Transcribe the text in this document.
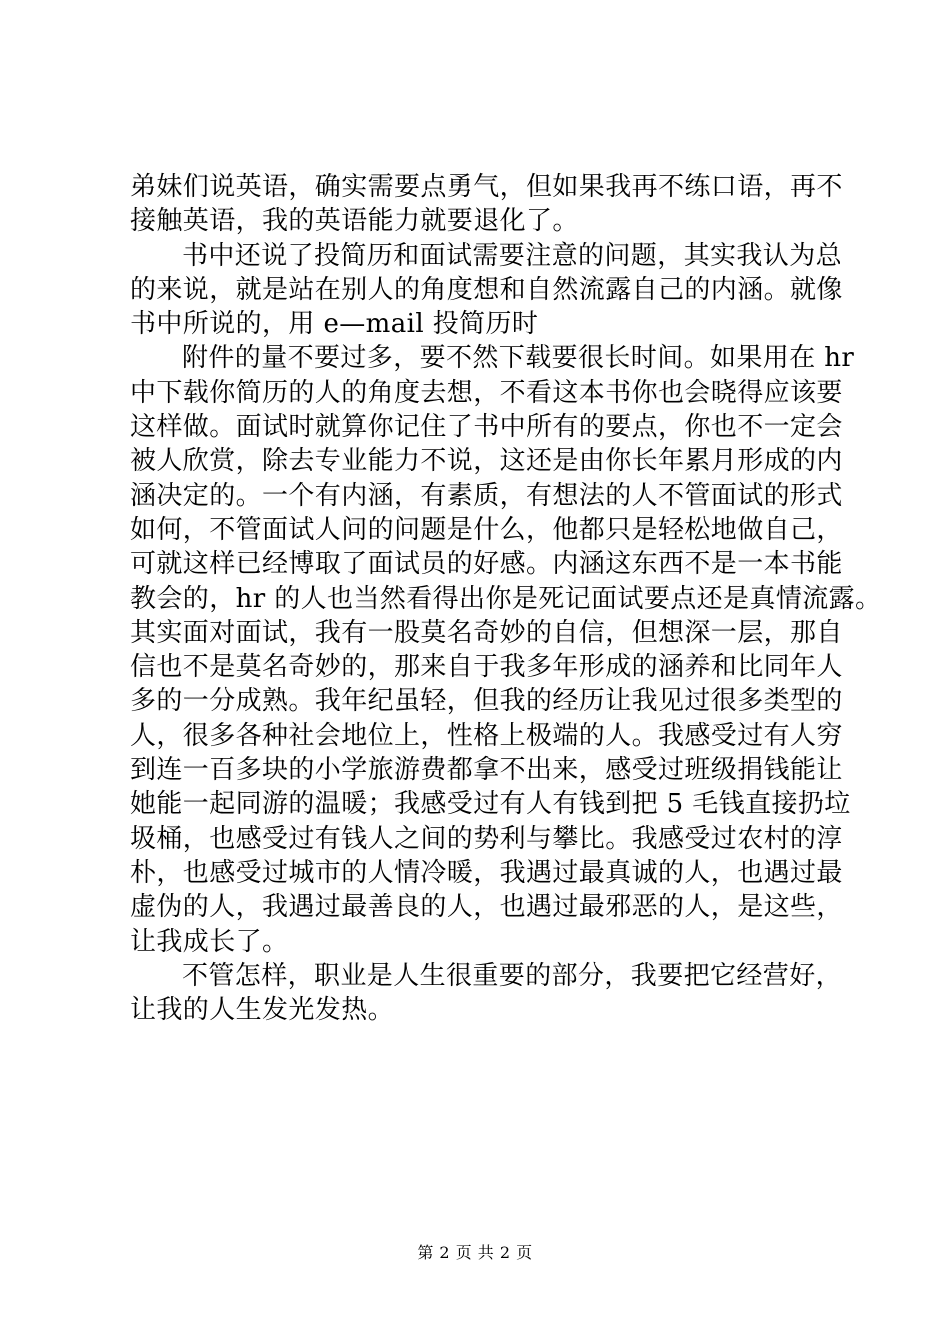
弟妹们说英语，确实需要点勇气，但如果我再不练口语，再不
接触英语，我的英语能力就要退化了。
书中还说了投简历和面试需要注意的问题，其实我认为总
的来说，就是站在别人的角度想和自然流露自己的内涵。就像
书中所说的，用 e—mail 投简历时
附件的量不要过多，要不然下载要很长时间。如果用在 hr
中下载你简历的人的角度去想，不看这本书你也会晓得应该要
这样做。面试时就算你记住了书中所有的要点，你也不一定会
被人欣赏，除去专业能力不说，这还是由你长年累月形成的内
涵决定的。一个有内涵，有素质，有想法的人不管面试的形式
如何，不管面试人问的问题是什么，他都只是轻松地做自己，
可就这样已经博取了面试员的好感。内涵这东西不是一本书能
教会的，hr 的人也当然看得出你是死记面试要点还是真情流露。
其实面对面试，我有一股莫名奇妙的自信，但想深一层，那自
信也不是莫名奇妙的，那来自于我多年形成的涵养和比同年人
多的一分成熟。我年纪虽轻，但我的经历让我见过很多类型的
人，很多各种社会地位上，性格上极端的人。我感受过有人穷
到连一百多块的小学旅游费都拿不出来，感受过班级捐钱能让
她能一起同游的温暖；我感受过有人有钱到把 5 毛钱直接扔垃
圾桶，也感受过有钱人之间的势利与攀比。我感受过农村的淳
朴，也感受过城市的人情冷暖，我遇过最真诚的人，也遇过最
虚伪的人，我遇过最善良的人，也遇过最邪恶的人，是这些，
让我成长了。
不管怎样，职业是人生很重要的部分，我要把它经营好，
让我的人生发光发热。
第 2 页 共 2 页
